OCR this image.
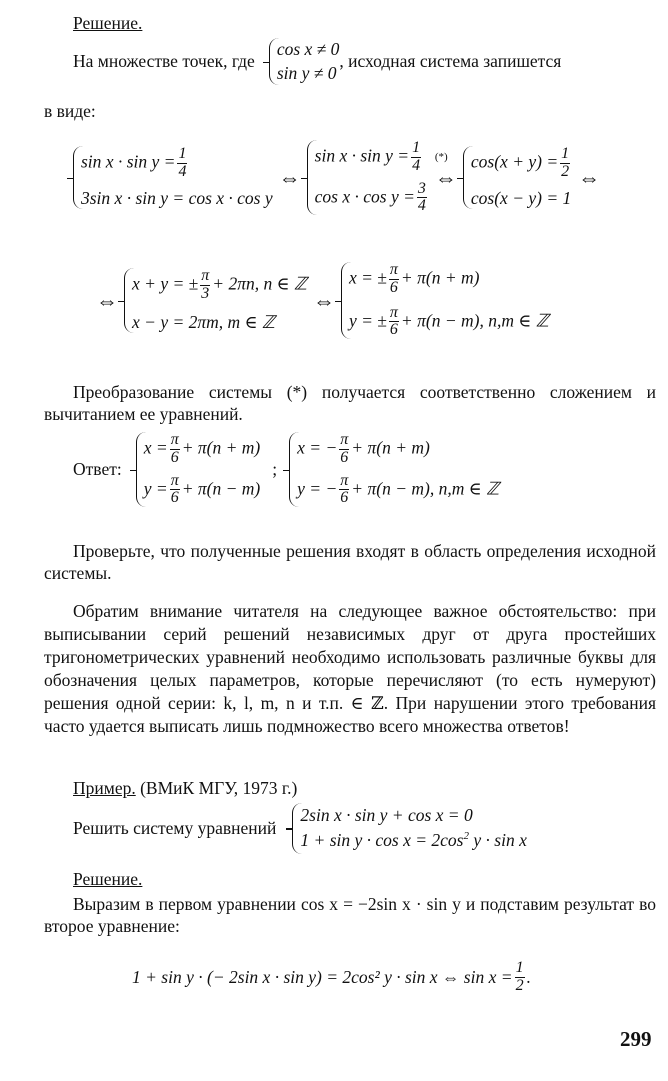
Решение.
На множестве точек, где
cos x ≠ 0
sin y ≠ 0
, исходная система запишется
в виде:
$\sin x \cdot \sin y = \frac{1}{4}$
3sin x · sin y = cos x · cos y
⇔
$\sin x \cdot \sin y = \frac{1}{4}$
$\cos x \cdot \cos y = \frac{3}{4}$
(*)
⇔
$\cos(x + y) = \frac{1}{2}$
cos(x − y) = 1
⇔
⇔
x + y = ± $\frac{\pi}{3} + 2\pi n$, n ∈ ℤ
x − y = 2πm, m ∈ ℤ
⇔
x = ± $\frac{\pi}{6} + \pi(n + m)$
y = ± $\frac{\pi}{6} + \pi(n - m)$, n,m ∈ ℤ
Преобразование системы (*) получается соответственно сложением и вычитанием ее уравнений.
Ответ:
$x = \frac{\pi}{6} + \pi(n + m)$
$y = \frac{\pi}{6} + \pi(n - m)$
;
x = − $\frac{\pi}{6} + \pi(n + m)$
y = − $\frac{\pi}{6} + \pi(n - m)$, n,m ∈ ℤ
Проверьте, что полученные решения входят в область определения исходной системы.
Обратим внимание читателя на следующее важное обстоятельство: при выписывании серий решений независимых друг от друга простейших тригонометрических уравнений необходимо использовать различные буквы для обозначения целых параметров, которые перечисляют (то есть нумеруют) решения одной серии: k, l, m, n и т.п. ∈ ℤ. При нарушении этого требования часто удается выписать лишь подмножество всего множества ответов!
Пример. (ВМиК МГУ, 1973 г.)
Решить систему уравнений
2sin x · sin y + cos x = 0
$1 + \sin y \cdot \cos x = 2\cos^2$ y · sin x
Решение.
Выразим в первом уравнении cos x = −2sin x · sin y и подставим результат во второе уравнение:
1 + sin y · (− 2sin x · sin y) = 2cos² y · sin x ⇔ $\sin x = \frac{1}{2}$ .
299
